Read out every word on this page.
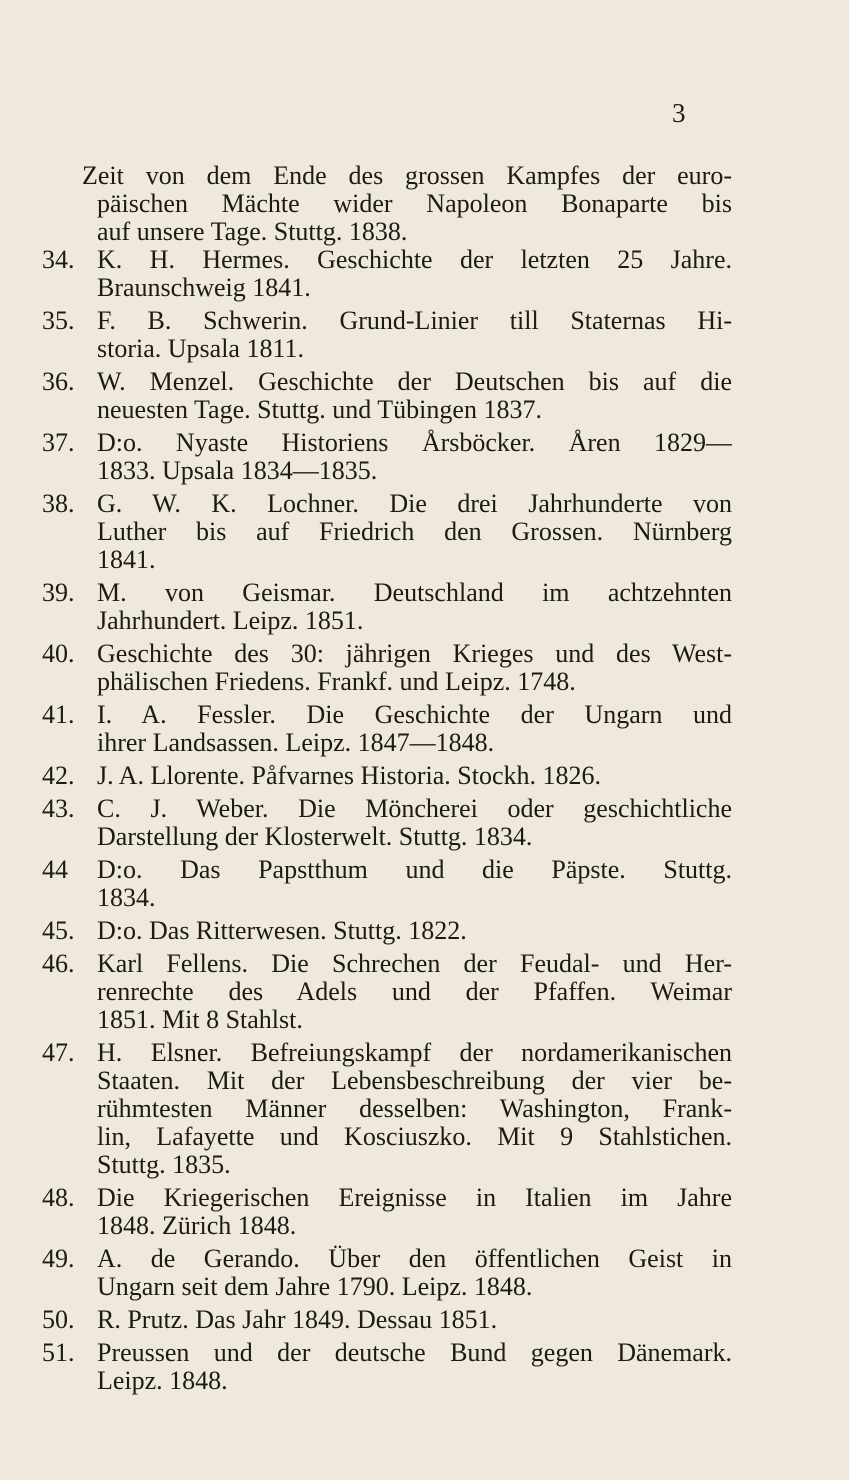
3
Zeit von dem Ende des grossen Kampfes der euro-
päischen Mächte wider Napoleon Bonaparte bis
auf unsere Tage. Stuttg. 1838.
34. K. H. Hermes. Geschichte der letzten 25 Jahre.
Braunschweig 1841.
35. F. B. Schwerin. Grund-Linier till Staternas Hi-
storia. Upsala 1811.
36. W. Menzel. Geschichte der Deutschen bis auf die
neuesten Tage. Stuttg. und Tübingen 1837.
37. D:o. Nyaste Historiens Årsböcker. Åren 1829—
1833. Upsala 1834—1835.
38. G. W. K. Lochner. Die drei Jahrhunderte von
Luther bis auf Friedrich den Grossen. Nürnberg
1841.
39. M. von Geismar. Deutschland im achtzehnten
Jahrhundert. Leipz. 1851.
40. Geschichte des 30: jährigen Krieges und des West-
phälischen Friedens. Frankf. und Leipz. 1748.
41. I. A. Fessler. Die Geschichte der Ungarn und
ihrer Landsassen. Leipz. 1847—1848.
42. J. A. Llorente. Påfvarnes Historia. Stockh. 1826.
43. C. J. Weber. Die Möncherei oder geschichtliche
Darstellung der Klosterwelt. Stuttg. 1834.
44 D:o. Das Papstthum und die Päpste. Stuttg.
1834.
45. D:o. Das Ritterwesen. Stuttg. 1822.
46. Karl Fellens. Die Schrechen der Feudal- und Her-
renrechte des Adels und der Pfaffen. Weimar
1851. Mit 8 Stahlst.
47. H. Elsner. Befreiungskampf der nordamerikanischen
Staaten. Mit der Lebensbeschreibung der vier be-
rühmtesten Männer desselben: Washington, Frank-
lin, Lafayette und Kosciuszko. Mit 9 Stahlstichen.
Stuttg. 1835.
48. Die Kriegerischen Ereignisse in Italien im Jahre
1848. Zürich 1848.
49. A. de Gerando. Über den öffentlichen Geist in
Ungarn seit dem Jahre 1790. Leipz. 1848.
50. R. Prutz. Das Jahr 1849. Dessau 1851.
51. Preussen und der deutsche Bund gegen Dänemark.
Leipz. 1848.
